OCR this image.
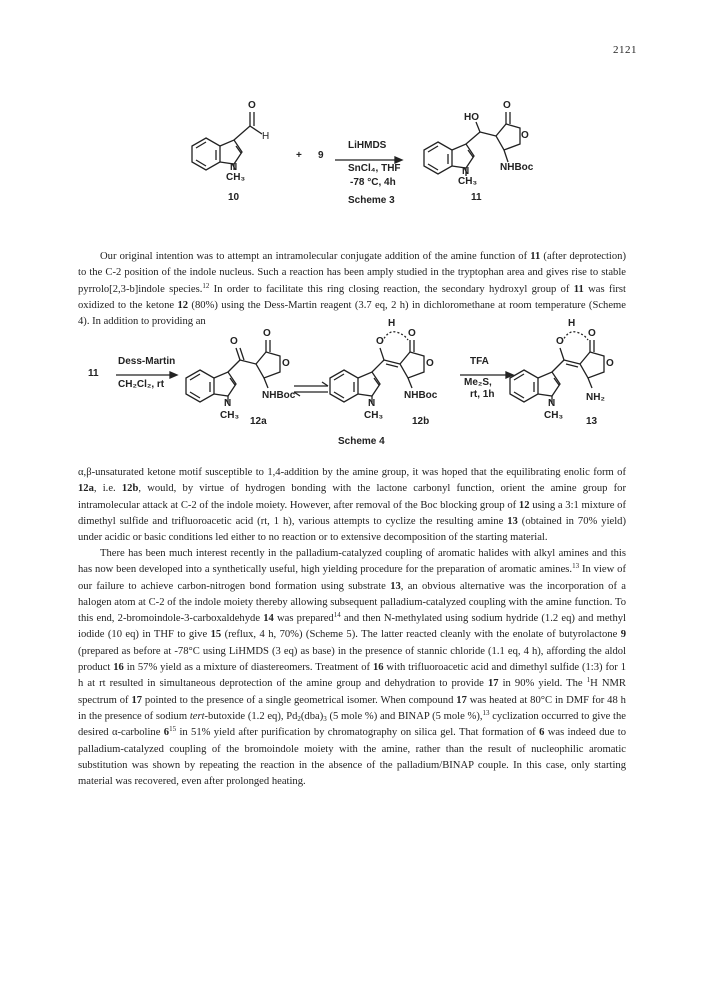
2121
O
H
N
CH₃
+ 9
LiHMDS
SnCl₄, THF
-78 °C, 4h
10	Scheme 3	11
HO
O
O
N
CH₃
NHBoc

Our original intention was to attempt an intramolecular conjugate addition of the amine function of 11 (after deprotection) to the C-2 position of the indole nucleus. Such a reaction has been amply studied in the tryptophan area and gives rise to stable pyrrolo[2,3-b]indole species.$^{12}$ In order to facilitate this ring closing reaction, the secondary hydroxyl group of 11 was first oxidized to the ketone 12 (80%) using the Dess-Martin reagent (3.7 eq, 2 h) in dichloromethane at room temperature (Scheme 4). In addition to providing an

11
Dess-Martin
CH₂Cl₂, rt
TFA
Me₂S,
rt, 1h
O
O
O
N
CH₃
NHBoc
12a
H
O
O
O
N
CH₃
NHBoc
12b
H
O
O
O
N
CH₃
NH₂
13
Scheme 4

α,β-unsaturated ketone motif susceptible to 1,4-addition by the amine group, it was hoped that the equilibrating enolic form of 12a, i.e. 12b, would, by virtue of hydrogen bonding with the lactone carbonyl function, orient the amine group for intramolecular attack at C-2 of the indole moiety. However, after removal of the Boc blocking group of 12 using a 3:1 mixture of dimethyl sulfide and trifluoroacetic acid (rt, 1 h), various attempts to cyclize the resulting amine 13 (obtained in 70% yield) under acidic or basic conditions led either to no reaction or to extensive decomposition of the starting material.

There has been much interest recently in the palladium-catalyzed coupling of aromatic halides with alkyl amines and this has now been developed into a synthetically useful, high yielding procedure for the preparation of aromatic amines.$^{13}$ In view of our failure to achieve carbon-nitrogen bond formation using substrate 13, an obvious alternative was the incorporation of a halogen atom at C-2 of the indole moiety thereby allowing subsequent palladium-catalyzed coupling with the amine function. To this end, 2-bromoindole-3-carboxaldehyde 14 was prepared$^{14}$ and then N-methylated using sodium hydride (1.2 eq) and methyl iodide (10 eq) in THF to give 15 (reflux, 4 h, 70%) (Scheme 5). The latter reacted cleanly with the enolate of butyrolactone 9 (prepared as before at -78°C using LiHMDS (3 eq) as base) in the presence of stannic chloride (1.1 eq, 4 h), affording the aldol product 16 in 57% yield as a mixture of diastereomers. Treatment of 16 with trifluoroacetic acid and dimethyl sulfide (1:3) for 1 h at rt resulted in simultaneous deprotection of the amine group and dehydration to provide 17 in 90% yield. The $^1$H NMR spectrum of 17 pointed to the presence of a single geometrical isomer. When compound 17 was heated at 80°C in DMF for 48 h in the presence of sodium tert-butoxide (1.2 eq), $Pd_2(dba)_3$ (5 mole %) and BINAP (5 mole %),$^{13}$ cyclization occurred to give the desired α-carboline $6^{15}$ in 51% yield after purification by chromatography on silica gel. That formation of 6 was indeed due to palladium-catalyzed coupling of the bromoindole moiety with the amine, rather than the result of nucleophilic aromatic substitution was shown by repeating the reaction in the absence of the palladium/BINAP couple. In this case, only starting material was recovered, even after prolonged heating.
